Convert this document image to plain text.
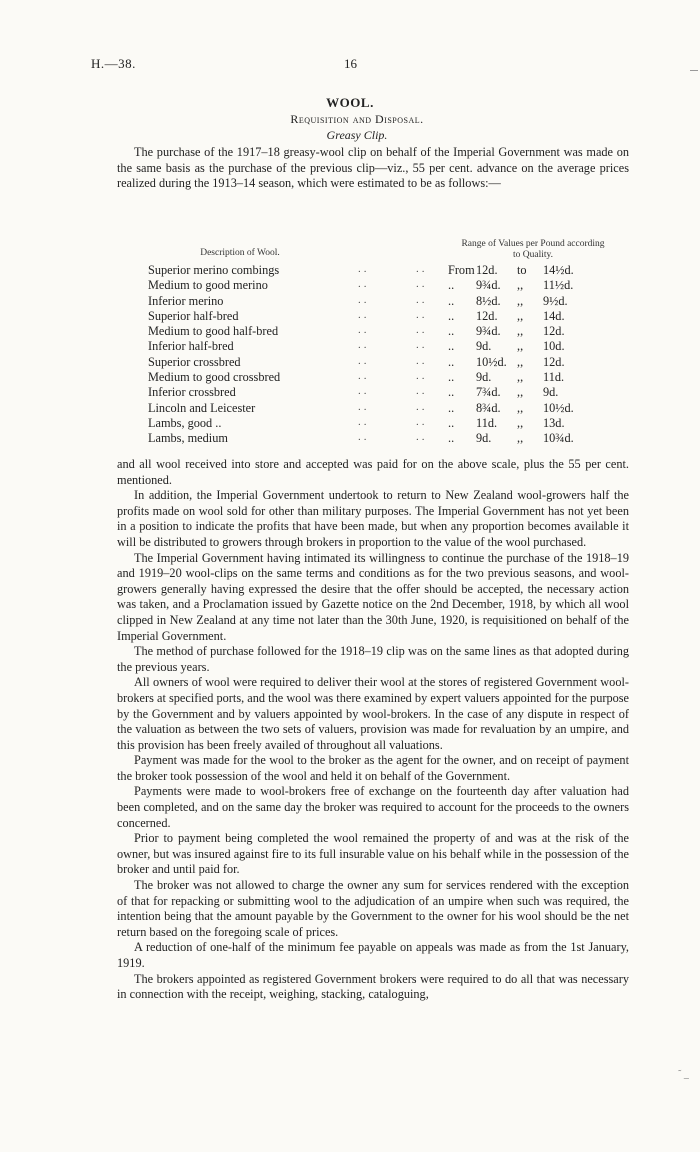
H.—38.	16
WOOL.
Requisition and Disposal.
Greasy Clip.

The purchase of the 1917–18 greasy-wool clip on behalf of the Imperial Government was made on the same basis as the purchase of the previous clip—viz., 55 per cent. advance on the average prices realized during the 1913–14 season, which were estimated to be as follows:—

Description of Wool.
Range of Values per Pound according to Quality.
Superior merino combings	..	.. From 12d. to 14½d.
Medium to good merino	..	.. .. 9¾d. ,, 11½d.
Inferior merino	..	.. .. 8½d. ,, 9½d.
Superior half-bred	..	.. .. 12d. ,, 14d.
Medium to good half-bred	..	.. .. 9¾d. ,, 12d.
Inferior half-bred	..	.. .. 9d. ,, 10d.
Superior crossbred	..	.. .. 10½d. ,, 12d.
Medium to good crossbred	..	.. .. 9d. ,, 11d.
Inferior crossbred	..	.. .. 7¾d. ,, 9d.
Lincoln and Leicester	..	.. .. 8¾d. ,, 10½d.
Lambs, good ..	..	.. .. 11d. ,, 13d.
Lambs, medium	..	.. .. 9d. ,, 10¾d.

and all wool received into store and accepted was paid for on the above scale, plus the 55 per cent. mentioned.

In addition, the Imperial Government undertook to return to New Zealand wool-growers half the profits made on wool sold for other than military purposes. The Imperial Government has not yet been in a position to indicate the profits that have been made, but when any proportion becomes available it will be distributed to growers through brokers in proportion to the value of the wool purchased.

The Imperial Government having intimated its willingness to continue the purchase of the 1918–19 and 1919–20 wool-clips on the same terms and conditions as for the two previous seasons, and wool-growers generally having expressed the desire that the offer should be accepted, the necessary action was taken, and a Proclamation issued by Gazette notice on the 2nd December, 1918, by which all wool clipped in New Zealand at any time not later than the 30th June, 1920, is requisitioned on behalf of the Imperial Government.

The method of purchase followed for the 1918–19 clip was on the same lines as that adopted during the previous years.

All owners of wool were required to deliver their wool at the stores of registered Government wool-brokers at specified ports, and the wool was there examined by expert valuers appointed for the purpose by the Government and by valuers appointed by wool-brokers. In the case of any dispute in respect of the valuation as between the two sets of valuers, provision was made for revaluation by an umpire, and this provision has been freely availed of throughout all valuations.

Payment was made for the wool to the broker as the agent for the owner, and on receipt of payment the broker took possession of the wool and held it on behalf of the Government.

Payments were made to wool-brokers free of exchange on the fourteenth day after valuation had been completed, and on the same day the broker was required to account for the proceeds to the owners concerned.

Prior to payment being completed the wool remained the property of and was at the risk of the owner, but was insured against fire to its full insurable value on his behalf while in the possession of the broker and until paid for.

The broker was not allowed to charge the owner any sum for services rendered with the exception of that for repacking or submitting wool to the adjudication of an umpire when such was required, the intention being that the amount payable by the Government to the owner for his wool should be the net return based on the foregoing scale of prices.

A reduction of one-half of the minimum fee payable on appeals was made as from the 1st January, 1919.

The brokers appointed as registered Government brokers were required to do all that was necessary in connection with the receipt, weighing, stacking, cataloguing,

˜ _
